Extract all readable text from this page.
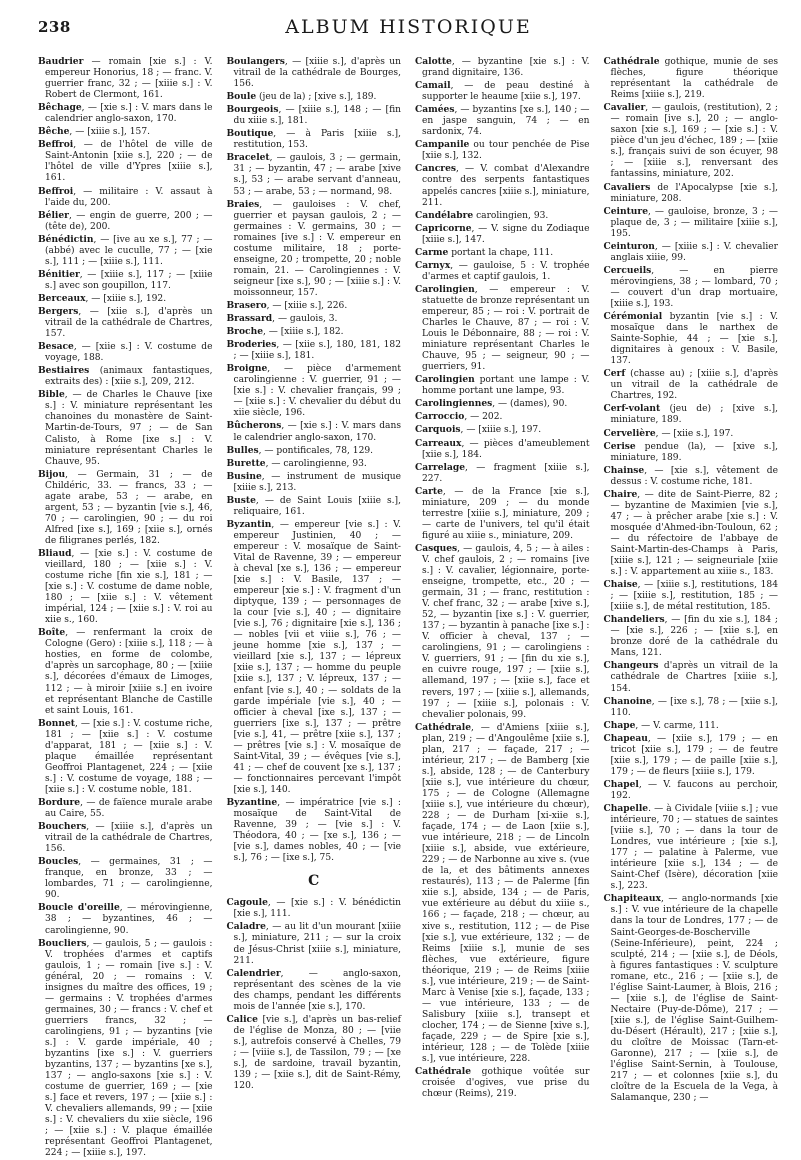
238	ALBUM HISTORIQUE
Baudrier — romain [xie s.] : V. empereur Honorius, 18 ; — franc. V. guerrier franc, 32 ; — [xiiie s.] : V. Robert de Clermont, 161.
Bêchage, — [xie s.] : V. mars dans le calendrier anglo-saxon, 170.
Bêche, — [xiiie s.], 157.
Beffroi, — de l'hôtel de ville de Saint-Antonin [xiie s.], 220 ; — de l'hôtel de ville d'Ypres [xiiie s.], 161.
Beffroi, — militaire : V. assaut à l'aide du, 200.
Bélier, — engin de guerre, 200 ; — (tête de), 200.
Bénédictin, — [ive au xe s.], 77 ; — (abbé) avec le cuculle, 77 ; — [xie s.], 111 ; — [xiiie s.], 111.
Bénitier, — [xiiie s.], 117 ; — [xiiie s.] avec son goupillon, 117.
Berceaux, — [xiiie s.], 192.
Bergers, — [xiie s.], d'après un vitrail de la cathédrale de Chartres, 157.
Besace, — [xiie s.] : V. costume de voyage, 188.
Bestiaires (animaux fantastiques, extraits des) : [xiie s.], 209, 212.
Bible, — de Charles le Chauve [ixe s.] : V. miniature représentant les chanoines du monastère de Saint-Martin-de-Tours, 97 ; — de San Calisto, à Rome [ixe s.] : V. miniature représentant Charles le Chauve, 95.
Bijou, — Germain, 31 ; — de Childéric, 33. — francs, 33 ; — agate arabe, 53 ; — arabe, en argent, 53 ; — byzantin [vie s.], 46, 70 ; — carolingien, 90 ; — du roi Alfred [ixe s.], 169 ; [xiie s.], ornés de filigranes perlés, 182.
Bliaud, — [xie s.] : V. costume de vieillard, 180 ; — [xiie s.] : V. costume riche [fin xie s.], 181 ; — [xie s.] : V. costume de dame noble, 180 ; — [xiie s.] : V. vêtement impérial, 124 ; — [xiie s.] : V. roi au xiie s., 160.
Boîte, — renfermant la croix de Cologne (Gero) : [xiiie s.], 118 ; — à hosties, en forme de colombe, d'après un sarcophage, 80 ; — [xiiie s.], décorées d'émaux de Limoges, 112 ; — à miroir [xiiie s.] en ivoire et représentant Blanche de Castille et saint Louis, 161.
Bonnet, — [xie s.] : V. costume riche, 181 ; — [xiie s.] : V. costume d'apparat, 181 ; — [xiie s.] : V. plaque émaillée représentant Geoffroi Plantagenet, 224 ; — [xiie s.] : V. costume de voyage, 188 ; — [xiie s.] : V. costume noble, 181.
Bordure, — de faïence murale arabe au Caire, 55.
Bouchers, — [xiiie s.], d'après un vitrail de la cathédrale de Chartres, 156.
Boucles, — germaines, 31 ; — franque, en bronze, 33 ; — lombardes, 71 ; — carolingienne, 90.
Boucle d'oreille, — mérovingienne, 38 ; — byzantines, 46 ; — carolingienne, 90.
Boucliers, — gaulois, 5 ; — gaulois : V. trophées d'armes et captifs gaulois, 1 ; — romain [ive s.] : V. général, 20 ; — romains : V. insignes du maître des offices, 19 ; — germains : V. trophées d'armes germaines, 30 ; — francs : V. chef et guerriers francs, 32 ; — carolingiens, 91 ; — byzantins [vie s.] : V. garde impériale, 40 ; byzantins [ixe s.] : V. guerriers byzantins, 137 ; — byzantins [xe s.], 137 ; — anglo-saxons [xie s.] : V. costume de guerrier, 169 ; — [xie s.] face et revers, 197 ; — [xiie s.] : V. chevaliers allemands, 99 ; — [xiie s.] : V. chevaliers du xiie siècle, 196 ; — [xiie s.] : V. plaque émaillée représentant Geoffroi Plantagenet, 224 ; — [xiiie s.], 197.
Boulangers, — [xiiie s.], d'après un vitrail de la cathédrale de Bourges, 156.
Boule (jeu de la) ; [xive s.], 189.
Bourgeois, — [xiiie s.], 148 ; — [fin du xiiie s.], 181.
Boutique, — à Paris [xiiie s.], restitution, 153.
Bracelet, — gaulois, 3 ; — germain, 31 ; — byzantin, 47 ; — arabe [xive s.], 53 ; — arabe servant d'anneau, 53 ; — arabe, 53 ; — normand, 98.
Braies, — gauloises : V. chef, guerrier et paysan gaulois, 2 ; — germaines : V. germains, 30 ; — romaines [ive s.] : V. empereur en costume militaire, 18 ; porte-enseigne, 20 ; trompette, 20 ; noble romain, 21. — Carolingiennes : V. seigneur [ixe s.], 90 ; — [xiiie s.] : V. moissonneur, 157.
Brasero, — [xiiie s.], 226.
Brassard, — gaulois, 3.
Broche, — [xiiie s.], 182.
Broderies, — [xiie s.], 180, 181, 182 ; — [xiiie s.], 181.
Broigne, — pièce d'armement carolingienne : V. guerrier, 91 ; — [xie s.] : V. chevalier français, 99 ; — [xiie s.] : V. chevalier du début du xiie siècle, 196.
Bûcherons, — [xie s.] : V. mars dans le calendrier anglo-saxon, 170.
Bulles, — pontificales, 78, 129.
Burette, — carolingienne, 93.
Busine, — instrument de musique [xiiie s.], 213.
Buste, — de Saint Louis [xiiie s.], reliquaire, 161.
Byzantin, — empereur [vie s.] : V. empereur Justinien, 40 ; — empereur : V. mosaïque de Saint-Vital de Ravenne, 39 ; — empereur à cheval [xe s.], 136 ; — empereur [xie s.] : V. Basile, 137 ; — empereur [xie s.] : V. fragment d'un diptyque, 139 ; — personnages de la cour [vie s.], 40 ; — dignitaire [vie s.], 76 ; dignitaire [xie s.], 136 ; — nobles [vii et viiie s.], 76 ; — jeune homme [xie s.], 137 ; — vieillard [xie s.], 137 ; — lépreux [xiie s.], 137 ; — homme du peuple [xiie s.], 137 ; V. lépreux, 137 ; — enfant [vie s.], 40 ; — soldats de la garde impériale [vie s.], 40 ; — officier à cheval [ixe s.], 137 ; — guerriers [ixe s.], 137 ; — prêtre [vie s.], 41, — prêtre [xiie s.], 137 ; — prêtres [vie s.] : V. mosaïque de Saint-Vital, 39 ; — évêques [vie s.], 41 ; — chef de couvent [xe s.], 137 ; — fonctionnaires percevant l'impôt [xie s.], 140.
Byzantine, — impératrice [vie s.] : mosaïque de Saint-Vital de Ravenne, 39 ; — [vie s.] : V. Théodora, 40 ; — [xe s.], 136 ; — [vie s.], dames nobles, 40 ; — [vie s.], 76 ; — [ixe s.], 75.
C
Cagoule, — [xie s.] : V. bénédictin [xie s.], 111.
Caladre, — au lit d'un mourant [xiiie s.], miniature, 211 ; — sur la croix de Jésus-Christ [xiiie s.], miniature, 211.
Calendrier, — anglo-saxon, représentant des scènes de la vie des champs, pendant les différents mois de l'année [xie s.], 170.
Calice [vie s.], d'après un bas-relief de l'église de Monza, 80 ; — [viie s.], autrefois conservé à Chelles, 79 ; — [viiie s.], de Tassilon, 79 ; — [xe s.], de sardoine, travail byzantin, 139 ; — [xiie s.], dit de Saint-Rémy, 120.
Calotte, — byzantine [xie s.] : V. grand dignitaire, 136.
Camail, — de peau destiné à supporter le heaume [xiie s.], 197.
Camées, — byzantins [xe s.], 140 ; — en jaspe sanguin, 74 ; — en sardonix, 74.
Campanile ou tour penchée de Pise [xiie s.], 132.
Cancres, — V. combat d'Alexandre contre des serpents fantastiques appelés cancres [xiiie s.], miniature, 211.
Candélabre carolingien, 93.
Capricorne, — V. signe du Zodiaque [xiiie s.], 147.
Carme portant la chape, 111.
Carnyx, — gauloise, 5 : V. trophée d'armes et captif gaulois, 1.
Carolingien, — empereur : V. statuette de bronze représentant un empereur, 85 ; — roi : V. portrait de Charles le Chauve, 87 ; — roi : V. Louis le Débonnaire, 88 ; — roi : V. miniature représentant Charles le Chauve, 95 ; — seigneur, 90 ; — guerriers, 91.
Carolingien portant une lampe : V. homme portant une lampe, 93.
Carolingiennes, — (dames), 90.
Carroccio, — 202.
Carquois, — [xiiie s.], 197.
Carreaux, — pièces d'ameublement [xiie s.], 184.
Carrelage, — fragment [xiiie s.], 227.
Carte, — de la France [xie s.], miniature, 209 ; — du monde terrestre [xiiie s.], miniature, 209 ; — carte de l'univers, tel qu'il était figuré au xiiie s., miniature, 209.
Casques, — gaulois, 4, 5 ; — à ailes : V. chef gaulois, 2 ; — romains [ive s.] : V. cavalier, légionnaire, porte-enseigne, trompette, etc., 20 ; — germain, 31 ; — franc, restitution : V. chef franc, 32 ; — arabe [xive s.], 52, — byzantin [ixe s.] : V. guerrier, 137 ; — byzantin à panache [ixe s.] : V. officier à cheval, 137 ; — carolingiens, 91 ; — carolingiens : V. guerriers, 91 ; — [fin du xie s.], en cuivre rouge, 197 ; — [xiie s.], allemand, 197 ; — [xiie s.], face et revers, 197 ; — [xiiie s.], allemands, 197 ; — [xiiie s.], polonais : V. chevalier polonais, 99.
Cathédrale, — d'Amiens [xiiie s.], plan, 219 ; — d'Angoulême [xiie s.], plan, 217 ; — façade, 217 ; — intérieur, 217 ; — de Bamberg [xie s.], abside, 128 ; — de Canterbury [xiie s.], vue intérieure du chœur, 175 ; — de Cologne (Allemagne [xiiie s.], vue intérieure du chœur), 228 ; — de Durham [xi-xiie s.], façade, 174 ; — de Laon [xiie s.], vue intérieure, 218 ; — de Lincoln [xiiie s.], abside, vue extérieure, 229 ; — de Narbonne au xive s. (vue de la, et des bâtiments annexes restaurés), 113 ; — de Palerme [fin xiie s.], abside, 134 ; — de Paris, vue extérieure au début du xiiie s., 166 ; — façade, 218 ; — chœur, au xive s., restitution, 112 ; — de Pise [xie s.], vue extérieure, 132 ; — de Reims [xiiie s.], munie de ses flèches, vue extérieure, figure théorique, 219 ; — de Reims [xiiie s.], vue intérieure, 219 ; — de Saint-Marc à Venise [xie s.], façade, 133 ; — vue intérieure, 133 ; — de Salisbury [xiiie s.], transept et clocher, 174 ; — de Sienne [xive s.], façade, 229 ; — de Spire [xie s.], intérieur, 128 ; — de Tolède [xiiie s.], vue intérieure, 228.
Cathédrale gothique voûtée sur croisée d'ogives, vue prise du chœur (Reims), 219.
Cathédrale gothique, munie de ses flèches, figure théorique représentant la cathédrale de Reims [xiiie s.], 219.
Cavalier, — gaulois, (restitution), 2 ; — romain [ive s.], 20 ; — anglo-saxon [xie s.], 169 ; — [xie s.] : V. pièce d'un jeu d'échec, 189 ; — [xiie s.], français suivi de son écuyer, 98 ; — [xiiie s.], renversant des fantassins, miniature, 202.
Cavaliers de l'Apocalypse [xie s.], miniature, 208.
Ceinture, — gauloise, bronze, 3 ; — plaque de, 3 ; — militaire [xiiie s.], 195.
Ceinturon, — [xiiie s.] : V. chevalier anglais xiiie, 99.
Cercueils, — en pierre mérovingiens, 38 ; — lombard, 70 ; — couvert d'un drap mortuaire, [xiiie s.], 193.
Cérémonial byzantin [vie s.] : V. mosaïque dans le narthex de Sainte-Sophie, 44 ; — [xie s.], dignitaires à genoux : V. Basile, 137.
Cerf (chasse au) ; [xiiie s.], d'après un vitrail de la cathédrale de Chartres, 192.
Cerf-volant (jeu de) ; [xive s.], miniature, 189.
Cervelière, — [xiie s.], 197.
Cerise pendue (la), — [xive s.], miniature, 189.
Chainse, — [xie s.], vêtement de dessus : V. costume riche, 181.
Chaire, — dite de Saint-Pierre, 82 ; — byzantine de Maximien [vie s.], 47 ; — à prêcher arabe [xie s.] : V. mosquée d'Ahmed-ibn-Touloun, 62 ; — du réfectoire de l'abbaye de Saint-Martin-des-Champs à Paris, [xiiie s.], 121 ; — seigneuriale [xiie s.] : V. appartement au xiiie s., 183.
Chaise, — [xiiie s.], restitutions, 184 ; — [xiiie s.], restitution, 185 ; — [xiiie s.], de métal restitution, 185.
Chandeliers, — [fin du xie s.], 184 ; — [xie s.], 226 ; — [xiie s.], en bronze doré de la cathédrale du Mans, 121.
Changeurs d'après un vitrail de la cathédrale de Chartres [xiiie s.], 154.
Chanoine, — [ixe s.], 78 ; — [xiie s.], 110.
Chape, — V. carme, 111.
Chapeau, — [xiie s.], 179 ; — en tricot [xiie s.], 179 ; — de feutre [xiie s.], 179 ; — de paille [xiie s.], 179 ; — de fleurs [xiiie s.], 179.
Chapel, — V. faucons au perchoir, 192.
Chapelle. — à Cividale [viiie s.] ; vue intérieure, 70 ; — statues de saintes [viiie s.], 70 ; — dans la tour de Londres, vue intérieure ; [xie s.], 177 ; — palatine à Palerme, vue intérieure [xiie s.], 134 ; — de Saint-Chef (Isère), décoration [xiie s.], 223.
Chapiteaux, — anglo-normands [xie s.] : V. vue intérieure de la chapelle dans la tour de Londres, 177 ; — de Saint-Georges-de-Boscherville (Seine-Inférieure), peint, 224 ; sculpté, 214 ; — [xiie s.], de Déols, à figures fantastiques : V. sculpture romane, etc., 216 ; — [xiie s.], de l'église Saint-Laumer, à Blois, 216 ; — [xiie s.], de l'église de Saint-Nectaire (Puy-de-Dôme), 217 ; — [xiie s.], de l'église Saint-Guilhem-du-Désert (Hérault), 217 ; [xiie s.], du cloître de Moissac (Tarn-et-Garonne), 217 ; — [xiie s.], de l'église Saint-Sernin, à Toulouse, 217 ; — et colonnes [xiie s.], du cloître de la Escuela de la Vega, à Salamanque, 230 ; —
